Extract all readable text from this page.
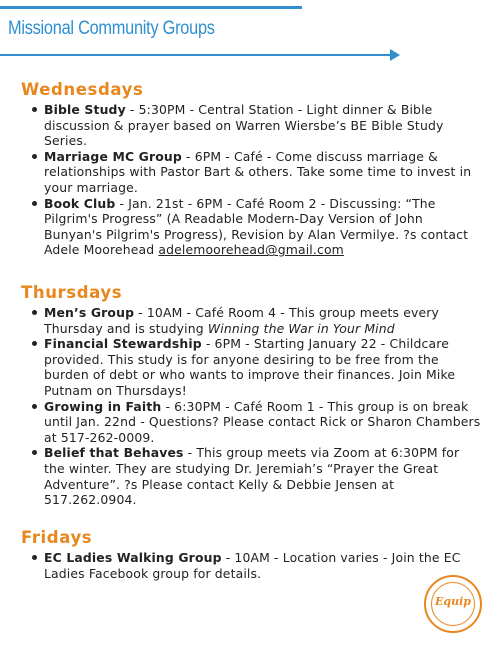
Missional Community Groups
Wednesdays
Bible Study - 5:30PM - Central Station - Light dinner & Bible discussion & prayer based on Warren Wiersbe’s BE Bible Study Series.
Marriage MC Group - 6PM - Café - Come discuss marriage & relationships with Pastor Bart & others. Take some time to invest in your marriage.
Book Club - Jan. 21st - 6PM - Café Room 2 - Discussing: “The Pilgrim's Progress” (A Readable Modern-Day Version of John Bunyan's Pilgrim's Progress), Revision by Alan Vermilye. ?s contact Adele Moorehead adelemoorehead@gmail.com
Thursdays
Men’s Group - 10AM - Café Room 4 - This group meets every Thursday and is studying Winning the War in Your Mind
Financial Stewardship - 6PM - Starting January 22 - Childcare provided. This study is for anyone desiring to be free from the burden of debt or who wants to improve their finances. Join Mike Putnam on Thursdays!
Growing in Faith - 6:30PM - Café Room 1 - This group is on break until Jan. 22nd - Questions? Please contact Rick or Sharon Chambers at 517-262-0009.
Belief that Behaves - This group meets via Zoom at 6:30PM for the winter. They are studying Dr. Jeremiah’s “Prayer the Great Adventure”. ?s Please contact Kelly & Debbie Jensen at 517.262.0904.
Fridays
EC Ladies Walking Group - 10AM - Location varies - Join the EC Ladies Facebook group for details.
Equip
